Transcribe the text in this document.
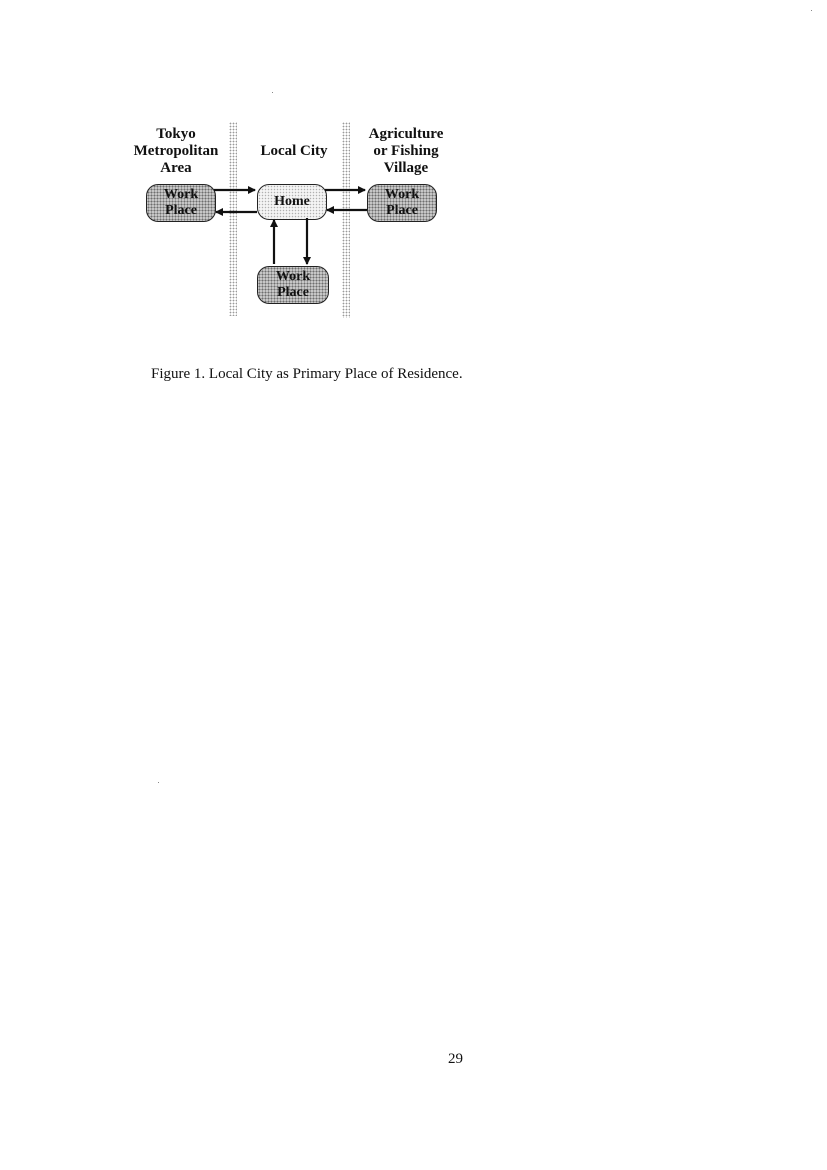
Tokyo
Metropolitan
Area
Local City
Agriculture
or Fishing
Village
Work
Place
Home	Work
Place
Work
Place
Figure 1. Local City as Primary Place of Residence.
29
